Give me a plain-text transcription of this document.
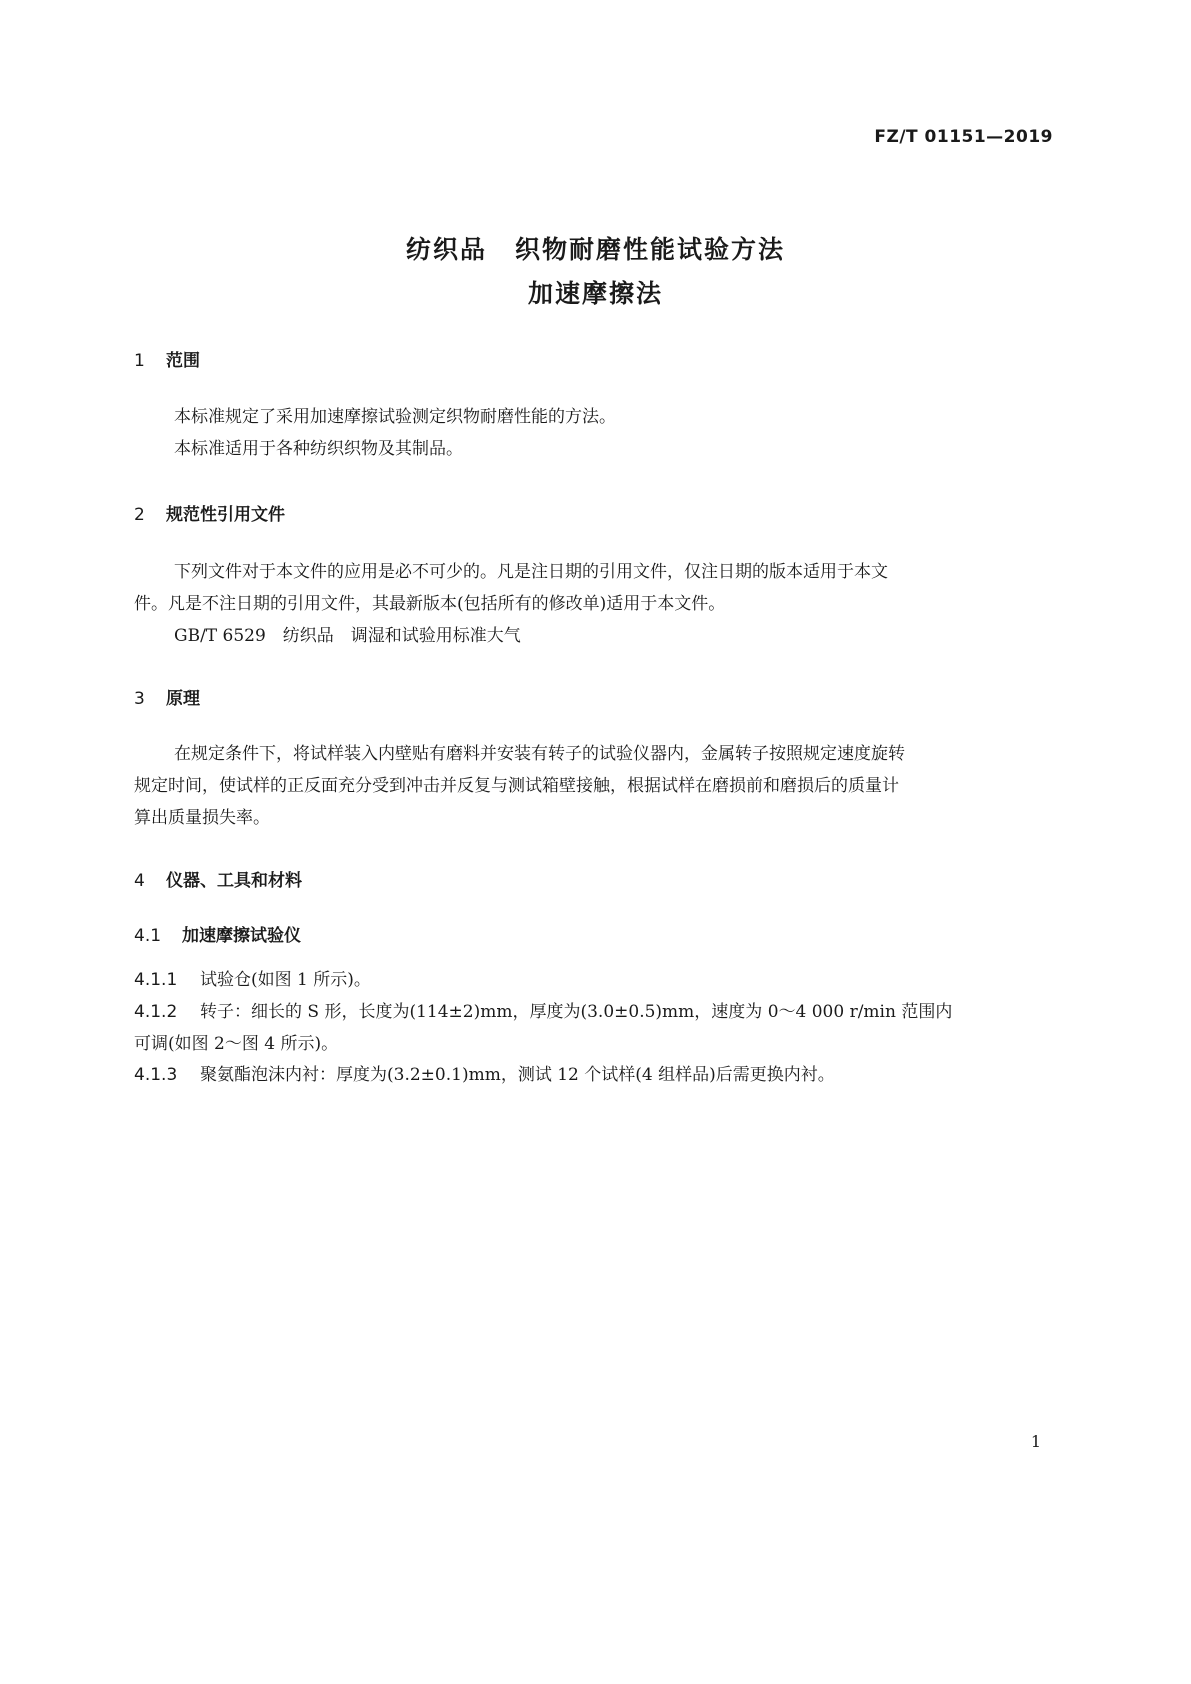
FZ/T 01151—2019
纺织品 织物耐磨性能试验方法
加速摩擦法
1 范围
本标准规定了采用加速摩擦试验测定织物耐磨性能的方法。
本标准适用于各种纺织织物及其制品。
2 规范性引用文件
下列文件对于本文件的应用是必不可少的。凡是注日期的引用文件，仅注日期的版本适用于本文
件。凡是不注日期的引用文件，其最新版本(包括所有的修改单)适用于本文件。
GB/T 6529　纺织品　调湿和试验用标准大气
3 原理
在规定条件下，将试样装入内壁贴有磨料并安装有转子的试验仪器内，金属转子按照规定速度旋转
规定时间，使试样的正反面充分受到冲击并反复与测试箱壁接触，根据试样在磨损前和磨损后的质量计
算出质量损失率。
4 仪器、工具和材料
4.1 加速摩擦试验仪
4.1.1 试验仓(如图 1 所示)。
4.1.2 转子：细长的 S 形，长度为(114±2)mm，厚度为(3.0±0.5)mm，速度为 0～4 000 r/min 范围内
可调(如图 2～图 4 所示)。
4.1.3 聚氨酯泡沫内衬：厚度为(3.2±0.1)mm，测试 12 个试样(4 组样品)后需更换内衬。
1
